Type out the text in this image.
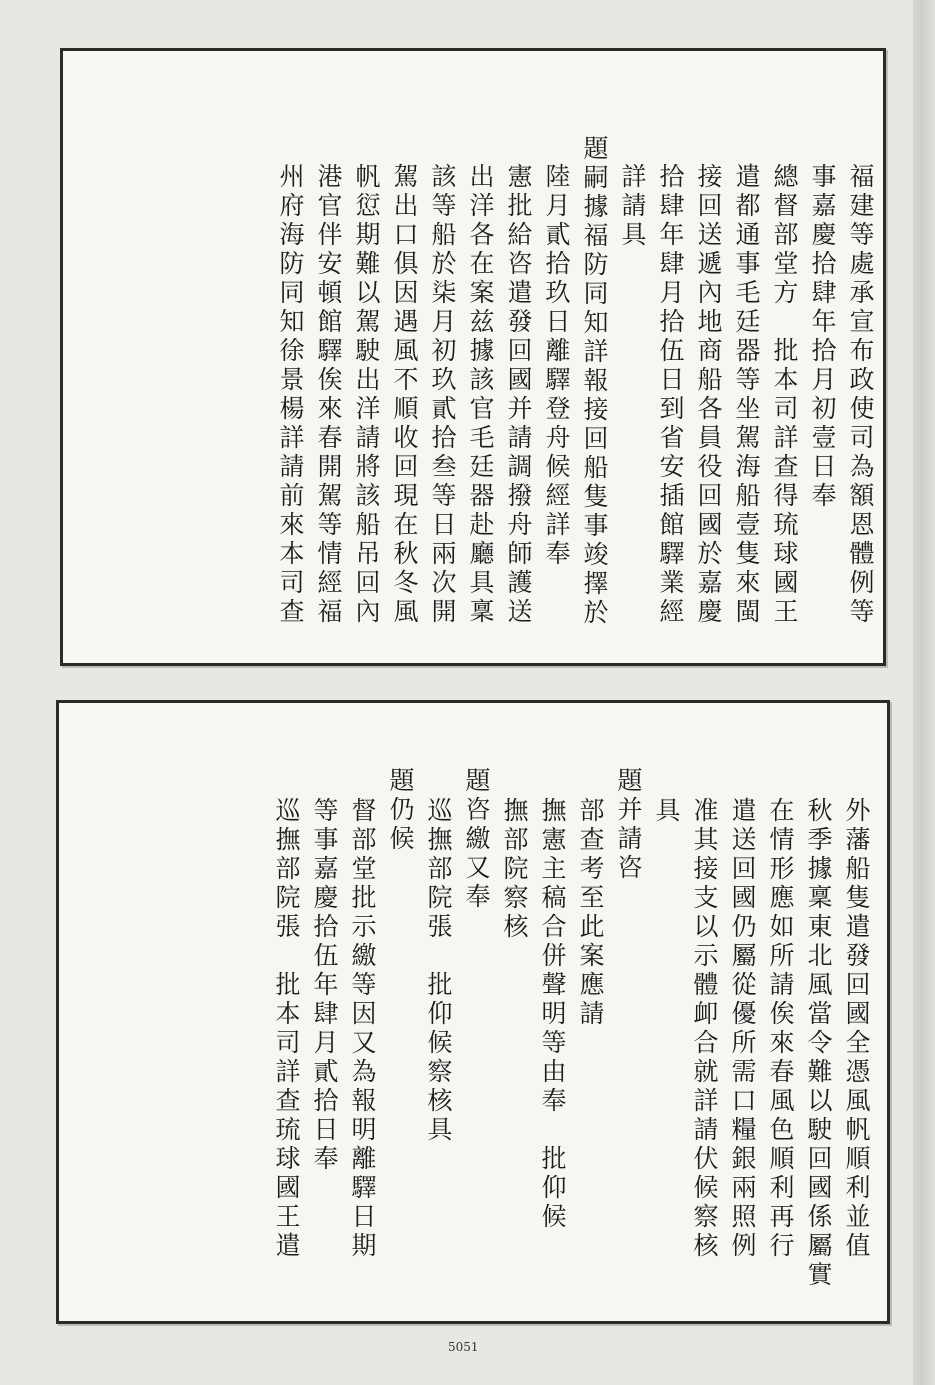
福建等處承宣布政使司為額恩體例等
事嘉慶拾肆年拾月初壹日奉
總督部堂方　批本司詳查得琉球國王
遣都通事毛廷器等坐駕海船壹隻來閩
接回送遞內地商船各員役回國於嘉慶
拾肆年肆月拾伍日到省安插館驛業經
詳請具
題嗣據福防同知詳報接回船隻事竣擇於
陸月貳拾玖日離驛登舟候經詳奉
憲批給咨遣發回國并請調撥舟師護送
出洋各在案兹據該官毛廷器赴廳具稟
該等船於柒月初玖貳拾叁等日兩次開
駕出口俱因遇風不順收回現在秋冬風
帆愆期難以駕駛出洋請將該船吊回內
港官伴安頓館驛俟來春開駕等情經福
州府海防同知徐景楊詳請前來本司查
外藩船隻遣發回國全憑風帆順利並值
秋季據稟東北風當令難以駛回國係屬實
在情形應如所請俟來春風色順利再行
遣送回國仍屬從優所需口糧銀兩照例
准其接支以示體卹合就詳請伏候察核
具
題并請咨
部查考至此案應請
撫憲主稿合併聲明等由奉　批仰候
撫部院察核
題咨繳又奉
巡撫部院張　批仰候察核具
題仍候
督部堂批示繳等因又為報明離驛日期
等事嘉慶拾伍年肆月貳拾日奉
巡撫部院張　批本司詳查琉球國王遣
5051
